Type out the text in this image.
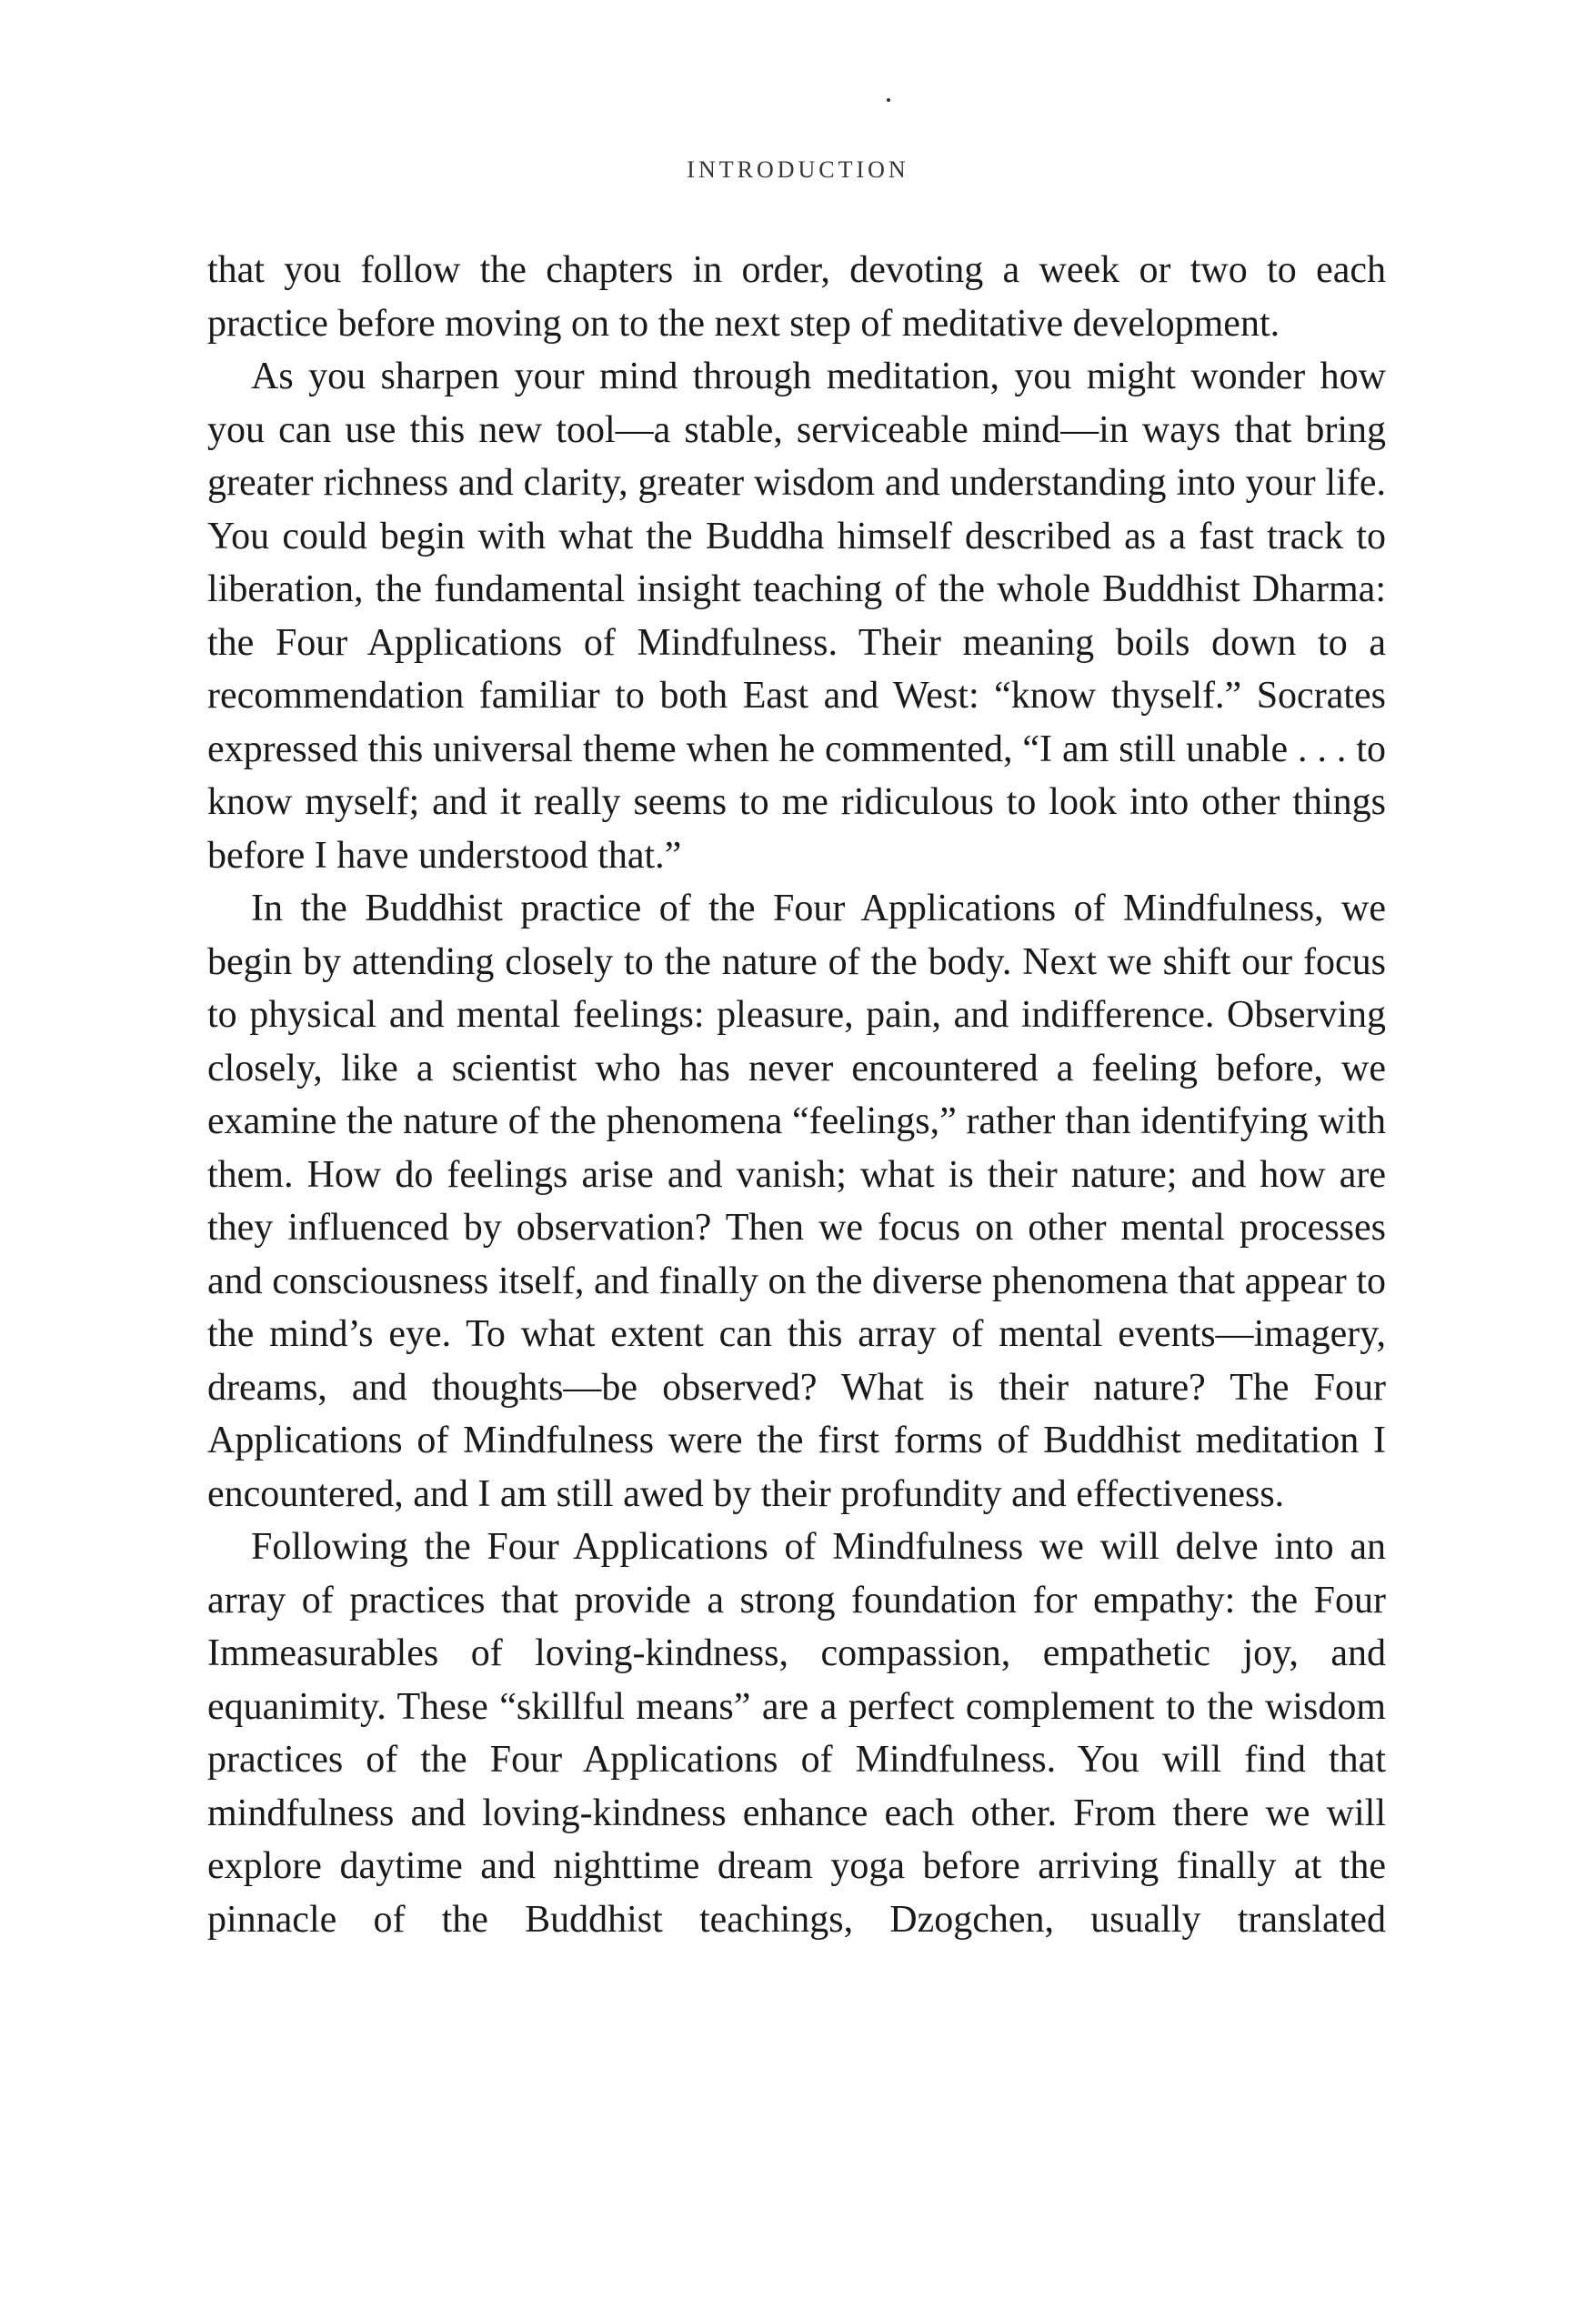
INTRODUCTION

that you follow the chapters in order, devoting a week or two to each practice before moving on to the next step of meditative development.

As you sharpen your mind through meditation, you might wonder how you can use this new tool—a stable, serviceable mind—in ways that bring greater richness and clarity, greater wisdom and understanding into your life. You could begin with what the Buddha himself described as a fast track to liberation, the fundamental insight teaching of the whole Buddhist Dharma: the Four Applications of Mindfulness. Their meaning boils down to a recommendation familiar to both East and West: “know thyself.” Socrates expressed this universal theme when he commented, “I am still unable . . . to know myself; and it really seems to me ridiculous to look into other things before I have understood that.”

In the Buddhist practice of the Four Applications of Mindfulness, we begin by attending closely to the nature of the body. Next we shift our focus to physical and mental feelings: pleasure, pain, and indifference. Observing closely, like a scientist who has never encountered a feeling before, we examine the nature of the phenomena “feelings,” rather than identifying with them. How do feelings arise and vanish; what is their nature; and how are they influenced by observation? Then we focus on other mental processes and consciousness itself, and finally on the diverse phenomena that appear to the mind’s eye. To what extent can this array of mental events—imagery, dreams, and thoughts—be observed? What is their nature? The Four Applications of Mindfulness were the first forms of Buddhist meditation I encountered, and I am still awed by their profundity and effectiveness.

Following the Four Applications of Mindfulness we will delve into an array of practices that provide a strong foundation for empathy: the Four Immeasurables of loving-kindness, compassion, empathetic joy, and equanimity. These “skillful means” are a perfect complement to the wisdom practices of the Four Applications of Mindfulness. You will find that mindfulness and loving-kindness enhance each other. From there we will explore daytime and nighttime dream yoga before arriving finally at the pinnacle of the Buddhist teachings, Dzogchen, usually translated
